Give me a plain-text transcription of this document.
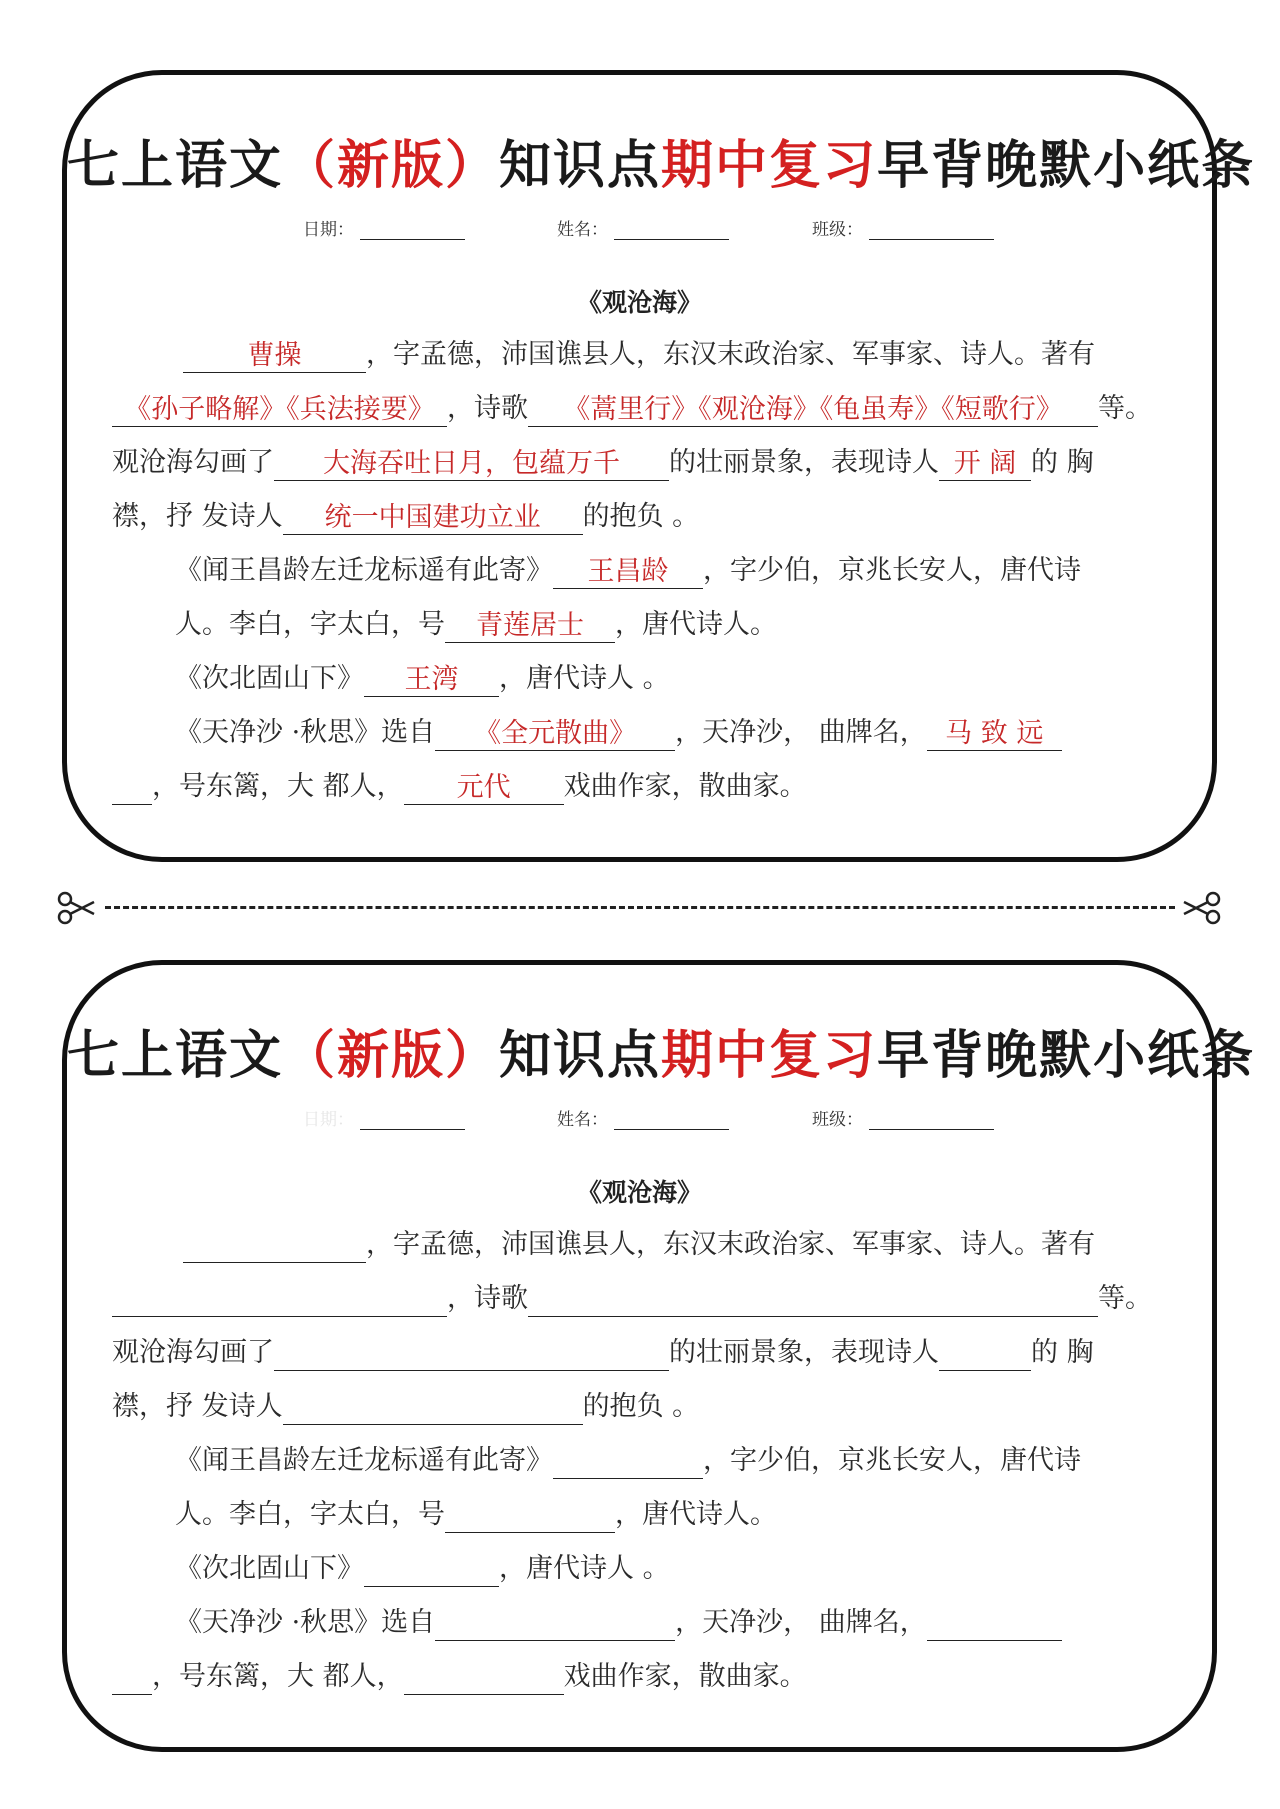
七上语文（新版）知识点期中复习早背晚默小纸条
日期：	姓名：	班级：
《观沧海》
曹操 ，字孟德，沛国谯县人，东汉末政治家、军事家、诗人。著有
《孙子略解》《兵法接要》 ，诗歌 《蒿里行》《观沧海》《龟虽寿》《短歌行》 等。
观沧海勾画了 大海吞吐日月，包蕴万千 的壮丽景象，表现诗人 开 阔 的 胸
襟，抒 发诗人 统一中国建功立业 的抱负 。
《闻王昌龄左迁龙标遥有此寄》 王昌龄 ，字少伯，京兆长安人，唐代诗
人。李白，字太白，号 青莲居士 ，唐代诗人。
《次北固山下》 王湾 ，唐代诗人 。
《天净沙 ·秋思》选自 《全元散曲》 ，天净沙， 曲牌名， 马 致 远
，号东篱，大 都人， 元代 戏曲作家，散曲家。
七上语文（新版）知识点期中复习早背晚默小纸条
日期：	姓名：	班级：
《观沧海》
，字孟德，沛国谯县人，东汉末政治家、军事家、诗人。著有
，诗歌	等。
观沧海勾画了	的壮丽景象，表现诗人	的 胸
襟，抒 发诗人	的抱负 。
《闻王昌龄左迁龙标遥有此寄》	，字少伯，京兆长安人，唐代诗
人。李白，字太白，号	，唐代诗人。
《次北固山下》	，唐代诗人 。
《天净沙 ·秋思》选自	，天净沙， 曲牌名，
，号东篱，大 都人，	戏曲作家，散曲家。
